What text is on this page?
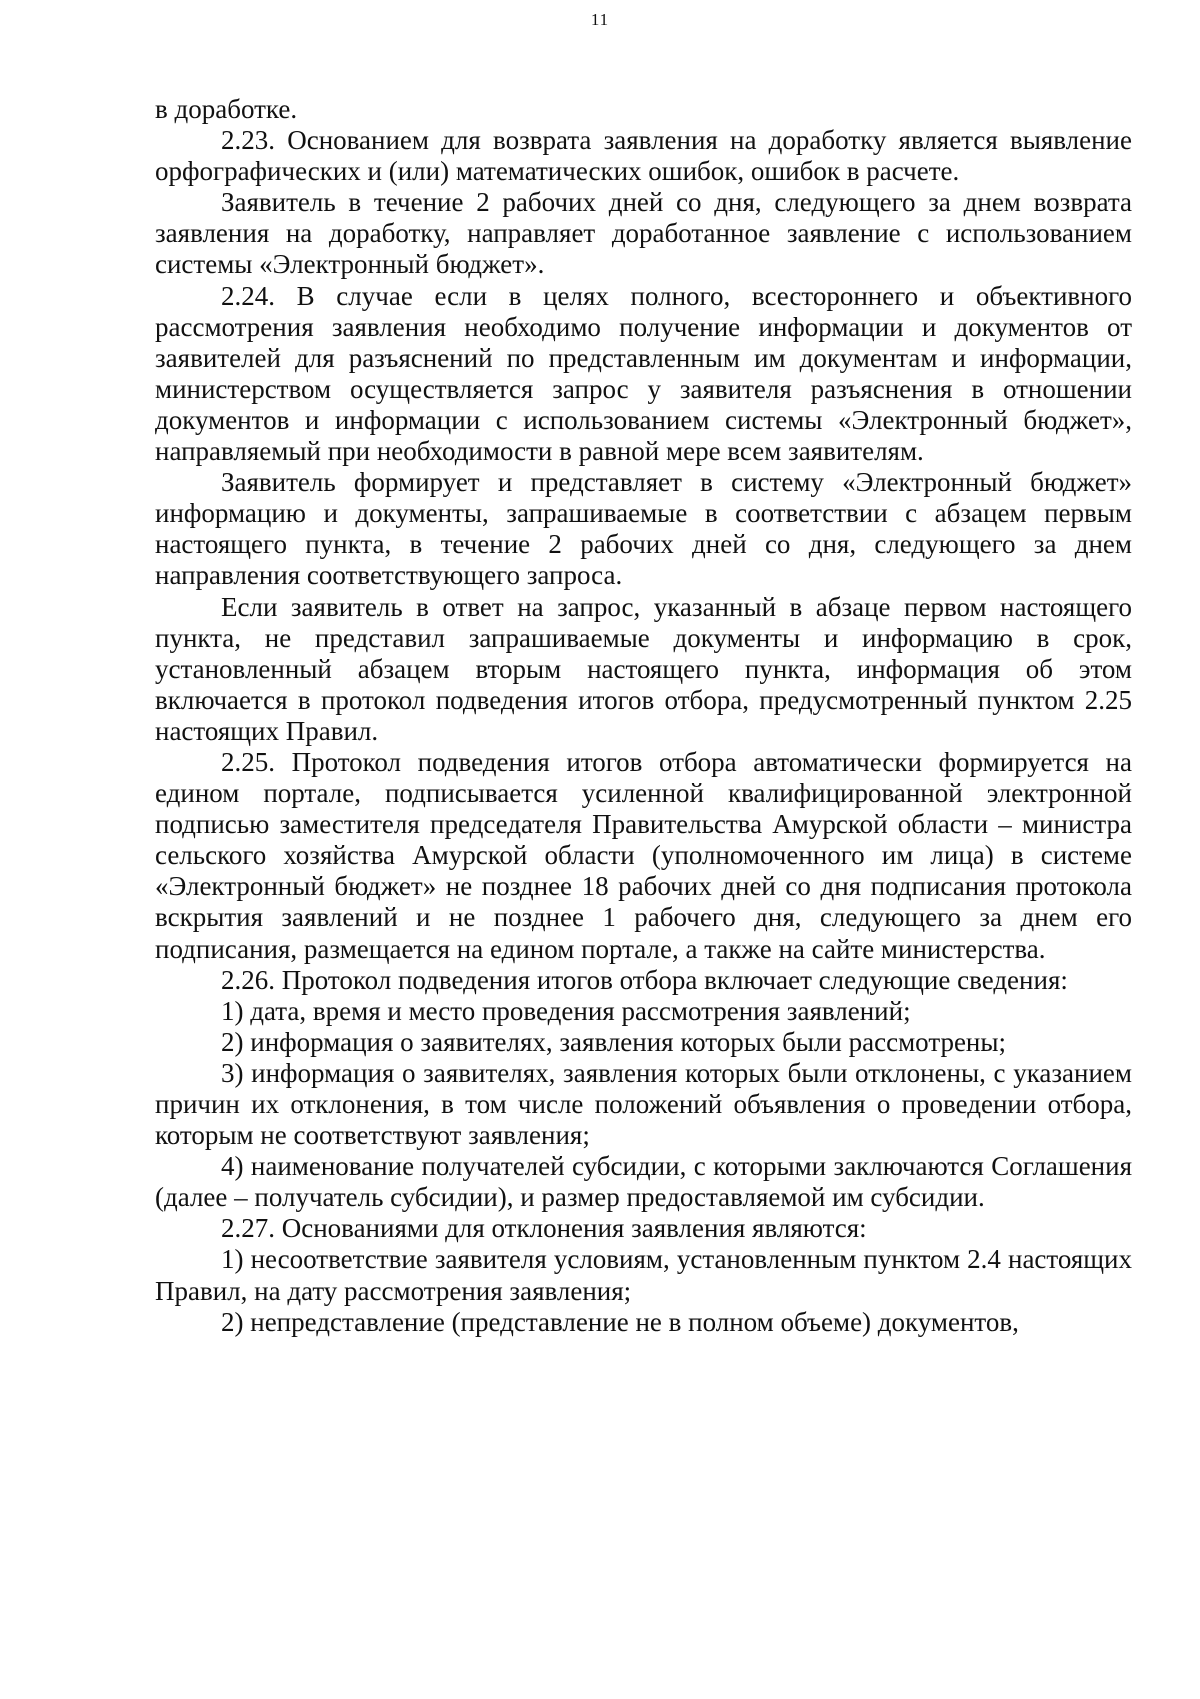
11

в доработке.

2.23. Основанием для возврата заявления на доработку является выявление орфографических и (или) математических ошибок, ошибок в расчете.

Заявитель в течение 2 рабочих дней со дня, следующего за днем возврата заявления на доработку, направляет доработанное заявление с использованием системы «Электронный бюджет».

2.24. В случае если в целях полного, всестороннего и объективного рассмотрения заявления необходимо получение информации и документов от заявителей для разъяснений по представленным им документам и информации, министерством осуществляется запрос у заявителя разъяснения в отношении документов и информации с использованием системы «Электронный бюджет», направляемый при необходимости в равной мере всем заявителям.

Заявитель формирует и представляет в систему «Электронный бюджет» информацию и документы, запрашиваемые в соответствии с абзацем первым настоящего пункта, в течение 2 рабочих дней со дня, следующего за днем направления соответствующего запроса.

Если заявитель в ответ на запрос, указанный в абзаце первом настоящего пункта, не представил запрашиваемые документы и информацию в срок, установленный абзацем вторым настоящего пункта, информация об этом включается в протокол подведения итогов отбора, предусмотренный пунктом 2.25 настоящих Правил.

2.25. Протокол подведения итогов отбора автоматически формируется на едином портале, подписывается усиленной квалифицированной электронной подписью заместителя председателя Правительства Амурской области – министра сельского хозяйства Амурской области (уполномоченного им лица) в системе «Электронный бюджет» не позднее 18 рабочих дней со дня подписания протокола вскрытия заявлений и не позднее 1 рабочего дня, следующего за днем его подписания, размещается на едином портале, а также на сайте министерства.

2.26. Протокол подведения итогов отбора включает следующие сведения:

1) дата, время и место проведения рассмотрения заявлений;

2) информация о заявителях, заявления которых были рассмотрены;

3) информация о заявителях, заявления которых были отклонены, с указанием причин их отклонения, в том числе положений объявления о проведении отбора, которым не соответствуют заявления;

4) наименование получателей субсидии, с которыми заключаются Соглашения (далее – получатель субсидии), и размер предоставляемой им субсидии.

2.27. Основаниями для отклонения заявления являются:

1) несоответствие заявителя условиям, установленным пунктом 2.4 настоящих Правил, на дату рассмотрения заявления;

2) непредставление (представление не в полном объеме) документов,
